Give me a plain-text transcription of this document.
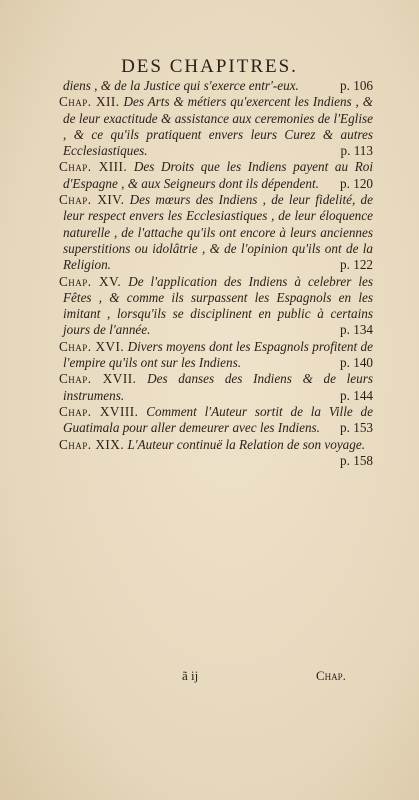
DES CHAPITRES.

diens , & de la Justice qui s'exerce entr'-eux.	p. 106

Chap. XII. Des Arts & métiers qu'exercent les Indiens , & de leur exactitude & assistance aux ceremonies de l'Eglise , & ce qu'ils pratiquent envers leurs Curez & autres Ecclesiastiques.	p. 113

Chap. XIII. Des Droits que les Indiens payent au Roi d'Espagne , & aux Seigneurs dont ils dépendent. p. 120

Chap. XIV. Des mœurs des Indiens , de leur fidelité, de leur respect envers les Ecclesiastiques , de leur éloquence naturelle , de l'attache qu'ils ont encore à leurs anciennes superstitions ou idolâtrie , & de l'opinion qu'ils ont de la Religion.	p. 122

Chap. XV. De l'application des Indiens à celebrer les Fêtes , & comme ils surpassent les Espagnols en les imitant , lorsqu'ils se disciplinent en public à certains jours de l'année.	p. 134

Chap. XVI. Divers moyens dont les Espagnols profitent de l'empire qu'ils ont sur les Indiens.	p. 140

Chap. XVII. Des danses des Indiens & de leurs instrumens.	p. 144

Chap. XVIII. Comment l'Auteur sortit de la Ville de Guatimala pour aller demeurer avec les Indiens. p. 153

Chap. XIX. L'Auteur continuë la Relation de son voyage.
p. 158

ã ij	Chap.
